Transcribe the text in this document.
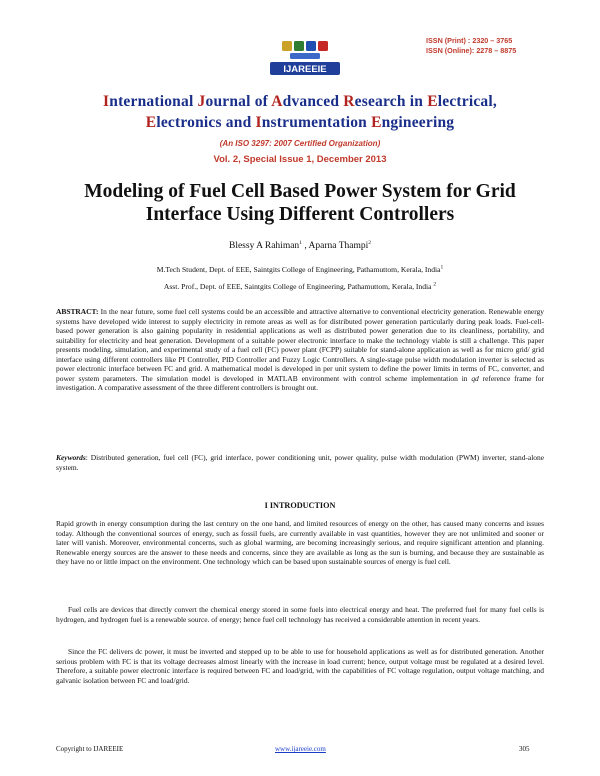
ISSN (Print) : 2320 – 3765
ISSN (Online): 2278 – 8875
IJAREEIE
International Journal of Advanced Research in Electrical,
Electronics and Instrumentation Engineering
(An ISO 3297: 2007 Certified Organization)
Vol. 2, Special Issue 1, December 2013
Modeling of Fuel Cell Based Power System for Grid
Interface Using Different Controllers
Blessy A Rahiman$^1$ , Aparna Thampi$^2$
M.Tech Student, Dept. of EEE, Saintgits College of Engineering, Pathamuttom, Kerala, India$^1$
Asst. Prof., Dept. of EEE, Saintgits College of Engineering, Pathamuttom, Kerala, India $^2$
ABSTRACT: In the near future, some fuel cell systems could be an accessible and attractive alternative to conventional electricity generation. Renewable energy systems have developed wide interest to supply electricity in remote areas as well as for distributed power generation particularly during peak loads. Fuel-cell-based power generation is also gaining popularity in residential applications as well as distributed power generation due to its cleanliness, portability, and suitability for electricity and heat generation. Development of a suitable power electronic interface to make the technology viable is still a challenge. This paper presents modeling, simulation, and experimental study of a fuel cell (FC) power plant (FCPP) suitable for stand-alone application as well as for micro grid/ grid interface using different controllers like PI Controller, PID Controller and Fuzzy Logic Controllers. A single-stage pulse width modulation inverter is selected as power electronic interface between FC and grid. A mathematical model is developed in per unit system to define the power limits in terms of FC, converter, and power system parameters. The simulation model is developed in MATLAB environment with control scheme implementation in qd reference frame for investigation. A comparative assessment of the three different controllers is brought out.
Keywords: Distributed generation, fuel cell (FC), grid interface, power conditioning unit, power quality, pulse width modulation (PWM) inverter, stand-alone system.
I INTRODUCTION
Rapid growth in energy consumption during the last century on the one hand, and limited resources of energy on the other, has caused many concerns and issues today. Although the conventional sources of energy, such as fossil fuels, are currently available in vast quantities, however they are not unlimited and sooner or later will vanish. Moreover, environmental concerns, such as global warming, are becoming increasingly serious, and require significant attention and planning. Renewable energy sources are the answer to these needs and concerns, since they are available as long as the sun is burning, and because they are sustainable as they have no or little impact on the environment. One technology which can be based upon sustainable sources of energy is fuel cell.
Fuel cells are devices that directly convert the chemical energy stored in some fuels into electrical energy and heat. The preferred fuel for many fuel cells is hydrogen, and hydrogen fuel is a renewable source. of energy; hence fuel cell technology has received a considerable attention in recent years.
Since the FC delivers dc power, it must be inverted and stepped up to be able to use for household applications as well as for distributed generation. Another serious problem with FC is that its voltage decreases almost linearly with the increase in load current; hence, output voltage must be regulated at a desired level. Therefore, a suitable power electronic interface is required between FC and load/grid, with the capabilities of FC voltage regulation, output voltage matching, and galvanic isolation between FC and load/grid.
Copyright to IJAREEIE	www.ijareeie.com	305
